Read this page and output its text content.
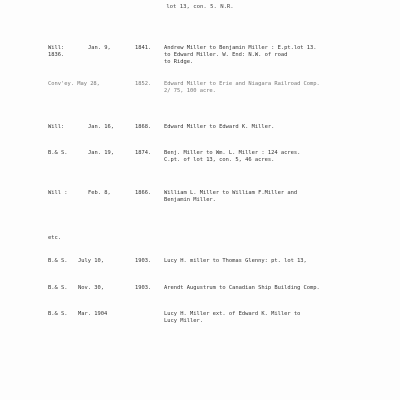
lot 13, con. 5. N.R.
Will:	Jan. 9,	1841. Andrew Miller to Benjamin Miller : E.pt.lot 13.
1836.	to Edward Miller. W. End: N.W. of road
to Ridge.
Conv'ey. May 28,	1852. Edward Miller to Erie and Niagara Railroad Comp.
2/ 75, 100 acre.
Will:	Jan. 16,	1868. Edward Miller to Edward K. Miller.
B.& S.	Jan. 19,	1874. Benj. Miller to Wm. L. Miller : 124 acres.
C.pt. of lot 13, con. 5, 46 acres.
Will :	Feb. 8,	1866. William L. Miller to William F.Miller and
Benjamin Miller.
etc.
B.& S. July 10,	1903. Lucy H. miller to Thomas Glenny: pt. lot 13,
B.& S. Nov. 30,	1903. Arendt Augustrum to Canadian Ship Building Comp.
B.& S. Mar. 1904	Lucy H. Miller ext. of Edward K. Miller to
Lucy Miller.
